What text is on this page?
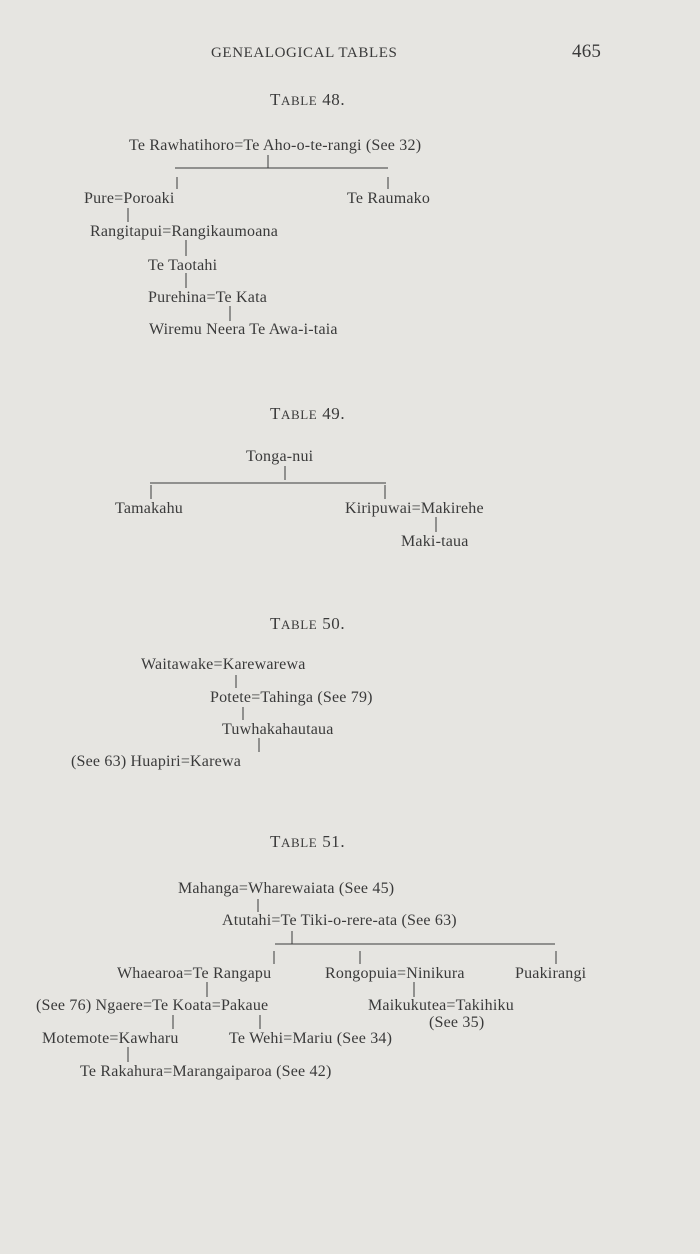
GENEALOGICAL TABLES	465
TABLE 48.
Te Rawhatihoro=Te Aho-o-te-rangi (See 32)
Pure=Poroaki	Te Raumako
Rangitapui=Rangikaumoana
Te Taotahi
Purehina=Te Kata
Wiremu Neera Te Awa-i-taia
TABLE 49.
Tonga-nui
Tamakahu	Kiripuwai=Makirehe
Maki-taua
TABLE 50.
Waitawake=Karewarewa
Potete=Tahinga (See 79)
Tuwhakahautaua
(See 63) Huapiri=Karewa
TABLE 51.
Mahanga=Wharewaiata (See 45)
Atutahi=Te Tiki-o-rere-ata (See 63)
Whaearoa=Te Rangapu	Rongopuia=Ninikura	Puakirangi
(See 76) Ngaere=Te Koata=Pakaue	Maikukutea=Takihiku
(See 35)
Motemote=Kawharu	Te Wehi=Mariu (See 34)
Te Rakahura=Marangaiparoa (See 42)
